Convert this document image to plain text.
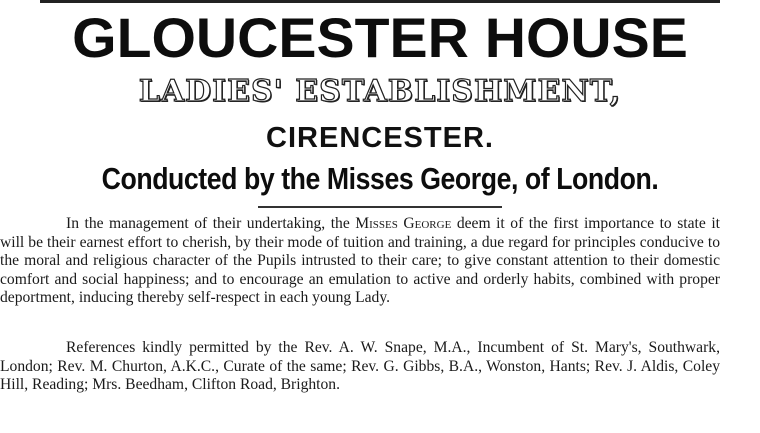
GLOUCESTER HOUSE
LADIES' ESTABLISHMENT,
CIRENCESTER.
Conducted by the Misses George, of London.
In the management of their undertaking, the Misses George deem it of the first importance to state it will be their earnest effort to cherish, by their mode of tuition and training, a due regard for principles conducive to the moral and religious character of the Pupils intrusted to their care; to give constant attention to their domestic comfort and social happiness; and to encourage an emulation to active and orderly habits, combined with proper deportment, inducing thereby self-respect in each young Lady.
References kindly permitted by the Rev. A. W. Snape, M.A., Incumbent of St. Mary's, Southwark, London; Rev. M. Churton, A.K.C., Curate of the same; Rev. G. Gibbs, B.A., Wonston, Hants; Rev. J. Aldis, Coley Hill, Reading; Mrs. Beedham, Clifton Road, Brighton.
